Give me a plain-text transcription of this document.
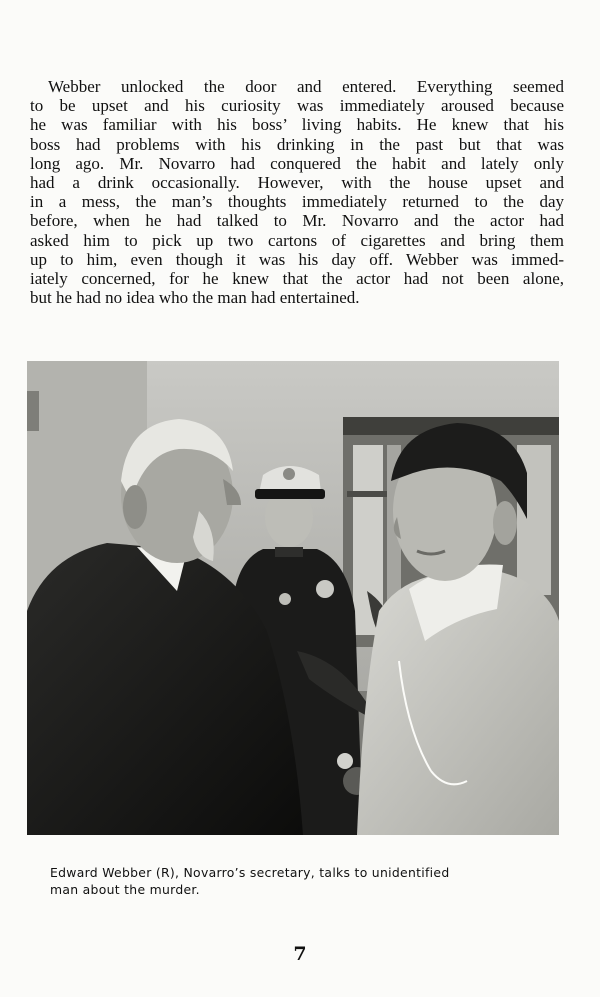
Webber unlocked the door and entered. Everything seemed
to be upset and his curiosity was immediately aroused because
he was familiar with his boss’ living habits. He knew that his
boss had problems with his drinking in the past but that was
long ago. Mr. Novarro had conquered the habit and lately only
had a drink occasionally. However, with the house upset and
in a mess, the man’s thoughts immediately returned to the day
before, when he had talked to Mr. Novarro and the actor had
asked him to pick up two cartons of cigarettes and bring them
up to him, even though it was his day off. Webber was immed-
iately concerned, for he knew that the actor had not been alone,
but he had no idea who the man had entertained.

Edward Webber (R), Novarro’s secretary, talks to unidentified
man about the murder.

7
